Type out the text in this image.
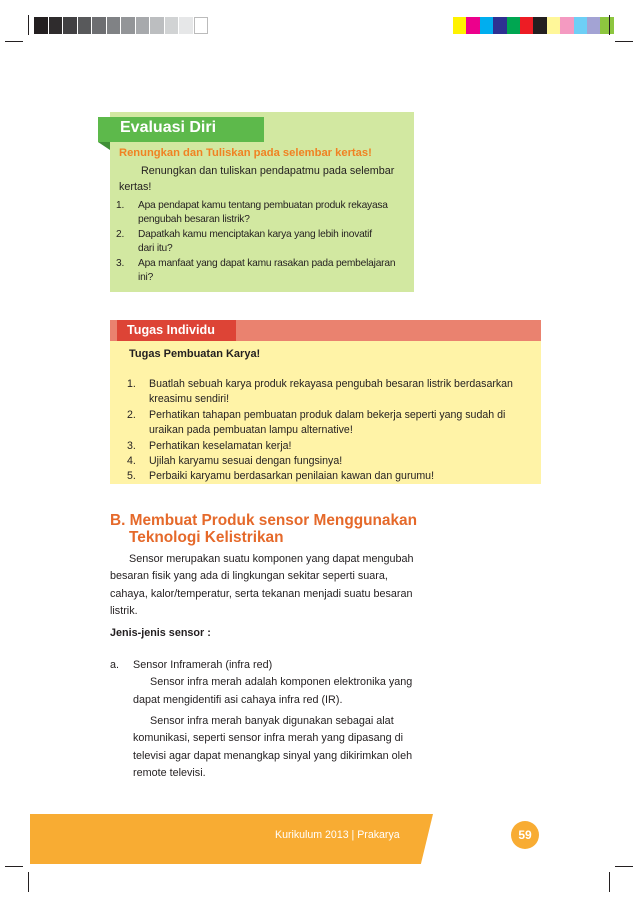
Evaluasi Diri
Renungkan dan Tuliskan pada selembar kertas!
Renungkan dan tuliskan pendapatmu pada selembar
kertas!
1.	Apa pendapat kamu tentang pembuatan produk rekayasa
pengubah besaran listrik?
2.	Dapatkah kamu menciptakan karya yang lebih inovatif
dari itu?
3.	Apa manfaat yang dapat kamu rasakan pada pembelajaran
ini?
Tugas Individu
Tugas Pembuatan Karya!
1.	Buatlah sebuah karya produk rekayasa pengubah besaran listrik berdasarkan
kreasimu sendiri!
2.	Perhatikan tahapan pembuatan produk dalam bekerja seperti yang sudah di
uraikan pada pembuatan lampu alternative!
3.	Perhatikan keselamatan kerja!
4.	Ujilah karyamu sesuai dengan fungsinya!
5.	Perbaiki karyamu berdasarkan penilaian kawan dan gurumu!
B. Membuat Produk sensor Menggunakan
Teknologi Kelistrikan
Sensor merupakan suatu komponen yang dapat mengubah
besaran fisik yang ada di lingkungan sekitar seperti suara,
cahaya, kalor/temperatur, serta tekanan menjadi suatu besaran
listrik.
Jenis-jenis sensor :
a.	Sensor Inframerah (infra red)
Sensor infra merah adalah komponen elektronika yang
dapat mengidentifi asi cahaya infra red (IR).
Sensor infra merah banyak digunakan sebagai alat
komunikasi, seperti sensor infra merah yang dipasang di
televisi agar dapat menangkap sinyal yang dikirimkan oleh
remote televisi.
Kurikulum 2013 | Prakarya	59
